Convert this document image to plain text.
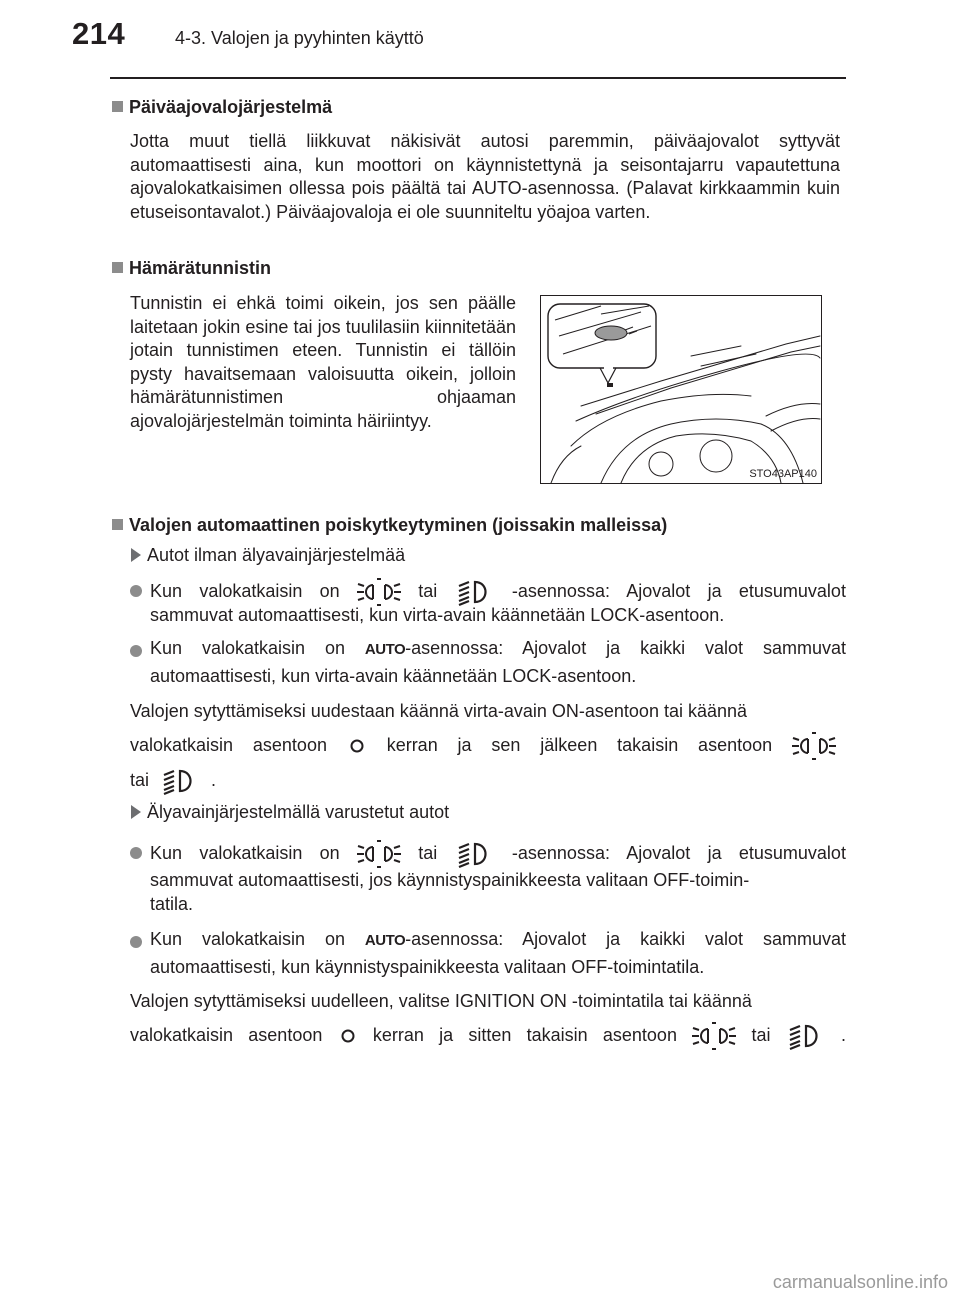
214	4-3. Valojen ja pyyhinten käyttö
Päiväajovalojärjestelmä
Jotta muut tiellä liikkuvat näkisivät autosi paremmin, päiväajovalot syttyvät automaattisesti aina, kun moottori on käynnistettynä ja seisontajarru vapautettuna ajovalokatkaisimen ollessa pois päältä tai AUTO-asennossa. (Palavat kirkkaammin kuin etuseisontavalot.) Päiväajovaloja ei ole suunniteltu yöajoa varten.
Hämärätunnistin
Tunnistin ei ehkä toimi oikein, jos sen päälle laitetaan jokin esine tai jos tuulilasiin kiinnitetään jotain tunnistimen eteen. Tunnistin ei tällöin pysty havaitsemaan valoisuutta oikein, jolloin hämärätunnistimen ohjaaman ajovalojärjestelmän toiminta häiriintyy.
STO43AP140
Valojen automaattinen poiskytkeytyminen (joissakin malleissa)
Autot ilman älyavainjärjestelmää
Kun valokatkaisin on	tai	-asennossa: Ajovalot ja etusumuvalot
sammuvat automaattisesti, kun virta-avain käännetään LOCK-asentoon.
Kun valokatkaisin on AUTO-asennossa: Ajovalot ja kaikki valot sammuvat
automaattisesti, kun virta-avain käännetään LOCK-asentoon.
Valojen sytyttämiseksi uudestaan käännä virta-avain ON-asentoon tai käännä
valokatkaisin asentoon	kerran ja sen jälkeen takaisin asentoon
tai	.
Älyavainjärjestelmällä varustetut autot
Kun valokatkaisin on	tai	-asennossa: Ajovalot ja etusumuvalot
sammuvat automaattisesti, jos käynnistyspainikkeesta valitaan OFF-toimin-
tatila.
Kun valokatkaisin on AUTO-asennossa: Ajovalot ja kaikki valot sammuvat
automaattisesti, kun käynnistyspainikkeesta valitaan OFF-toimintatila.
Valojen sytyttämiseksi uudelleen, valitse IGNITION ON -toimintatila tai käännä
valokatkaisin asentoon	kerran ja sitten takaisin asentoon	tai	.
carmanualsonline.info
